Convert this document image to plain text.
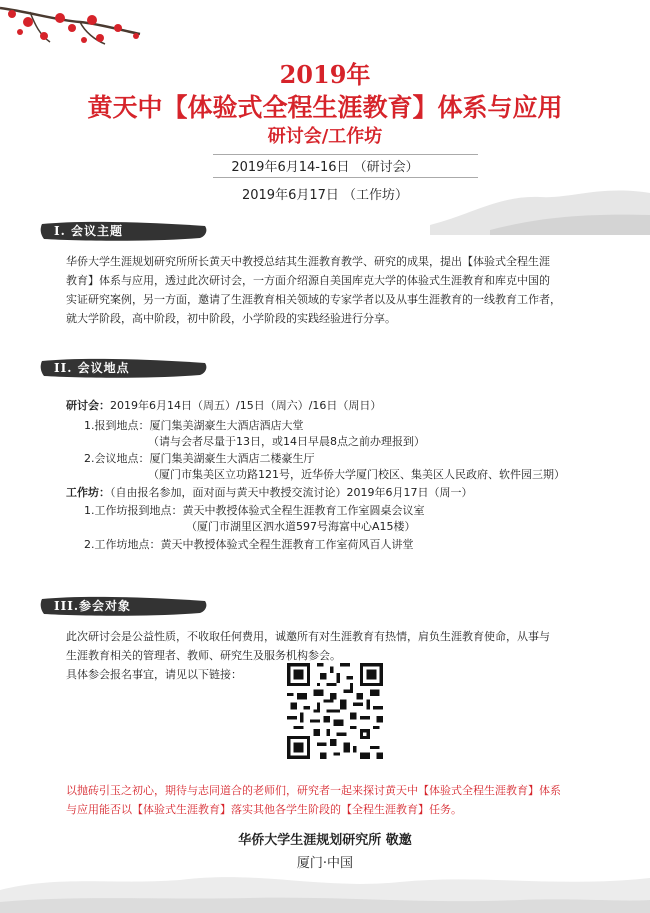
2019年
黄天中【体验式全程生涯教育】体系与应用
研讨会/工作坊
2019年6月14-16日 （研讨会）
2019年6月17日 （工作坊）
I. 会议主题
华侨大学生涯规划研究所所长黄天中教授总结其生涯教育教学、研究的成果，提出【体验式全程生涯
教育】体系与应用，透过此次研讨会，一方面介绍源自美国库克大学的体验式生涯教育和库克中国的
实证研究案例，另一方面，邀请了生涯教育相关领域的专家学者以及从事生涯教育的一线教育工作者，
就大学阶段，高中阶段，初中阶段，小学阶段的实践经验进行分享。
II. 会议地点
研讨会：2019年6月14日（周五）/15日（周六）/16日（周日）
1.报到地点：厦门集美湖豪生大酒店酒店大堂
（请与会者尽量于13日，或14日早晨8点之前办理报到）
2.会议地点：厦门集美湖豪生大酒店二楼豪生厅
（厦门市集美区立功路121号，近华侨大学厦门校区、集美区人民政府、软件园三期）
工作坊：（自由报名参加，面对面与黄天中教授交流讨论）2019年6月17日（周一）
1.工作坊报到地点：黄天中教授体验式全程生涯教育工作室圆桌会议室
（厦门市湖里区泗水道597号海富中心A15楼）
2.工作坊地点：黄天中教授体验式全程生涯教育工作室荷风百人讲堂
III.参会对象
此次研讨会是公益性质，不收取任何费用，诚邀所有对生涯教育有热情，肩负生涯教育使命，从事与
生涯教育相关的管理者、教师、研究生及服务机构参会。
具体参会报名事宜，请见以下链接：
以抛砖引玉之初心，期待与志同道合的老师们，研究者一起来探讨黄天中【体验式全程生涯教育】体系
与应用能否以【体验式生涯教育】落实其他各学生阶段的【全程生涯教育】任务。
华侨大学生涯规划研究所 敬邀
厦门·中国
